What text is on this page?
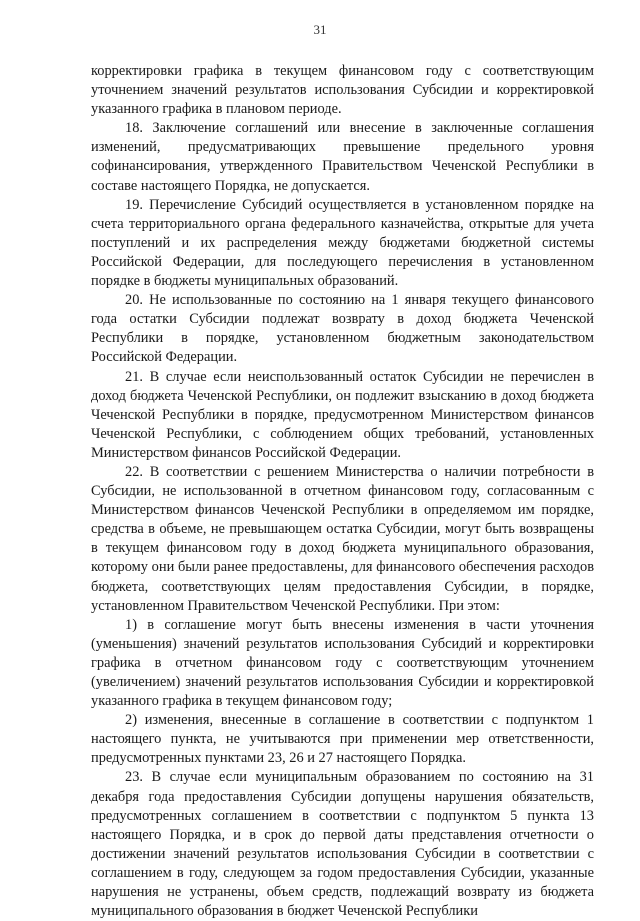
31

корректировки графика в текущем финансовом году с соответствующим уточнением значений результатов использования Субсидии и корректировкой указанного графика в плановом периоде.

18. Заключение соглашений или внесение в заключенные соглашения изменений, предусматривающих превышение предельного уровня софинансирования, утвержденного Правительством Чеченской Республики в составе настоящего Порядка, не допускается.

19. Перечисление Субсидий осуществляется в установленном порядке на счета территориального органа федерального казначейства, открытые для учета поступлений и их распределения между бюджетами бюджетной системы Российской Федерации, для последующего перечисления в установленном порядке в бюджеты муниципальных образований.

20. Не использованные по состоянию на 1 января текущего финансового года остатки Субсидии подлежат возврату в доход бюджета Чеченской Республики в порядке, установленном бюджетным законодательством Российской Федерации.

21. В случае если неиспользованный остаток Субсидии не перечислен в доход бюджета Чеченской Республики, он подлежит взысканию в доход бюджета Чеченской Республики в порядке, предусмотренном Министерством финансов Чеченской Республики, с соблюдением общих требований, установленных Министерством финансов Российской Федерации.

22. В соответствии с решением Министерства о наличии потребности в Субсидии, не использованной в отчетном финансовом году, согласованным с Министерством финансов Чеченской Республики в определяемом им порядке, средства в объеме, не превышающем остатка Субсидии, могут быть возвращены в текущем финансовом году в доход бюджета муниципального образования, которому они были ранее предоставлены, для финансового обеспечения расходов бюджета, соответствующих целям предоставления Субсидии, в порядке, установленном Правительством Чеченской Республики. При этом:

1) в соглашение могут быть внесены изменения в части уточнения (уменьшения) значений результатов использования Субсидий и корректировки графика в отчетном финансовом году с соответствующим уточнением (увеличением) значений результатов использования Субсидии и корректировкой указанного графика в текущем финансовом году;

2) изменения, внесенные в соглашение в соответствии с подпунктом 1 настоящего пункта, не учитываются при применении мер ответственности, предусмотренных пунктами 23, 26 и 27 настоящего Порядка.

23. В случае если муниципальным образованием по состоянию на 31 декабря года предоставления Субсидии допущены нарушения обязательств, предусмотренных соглашением в соответствии с подпунктом 5 пункта 13 настоящего Порядка, и в срок до первой даты представления отчетности о достижении значений результатов использования Субсидии в соответствии с соглашением в году, следующем за годом предоставления Субсидии, указанные нарушения не устранены, объем средств, подлежащий возврату из бюджета муниципального образования в бюджет Чеченской Республики
